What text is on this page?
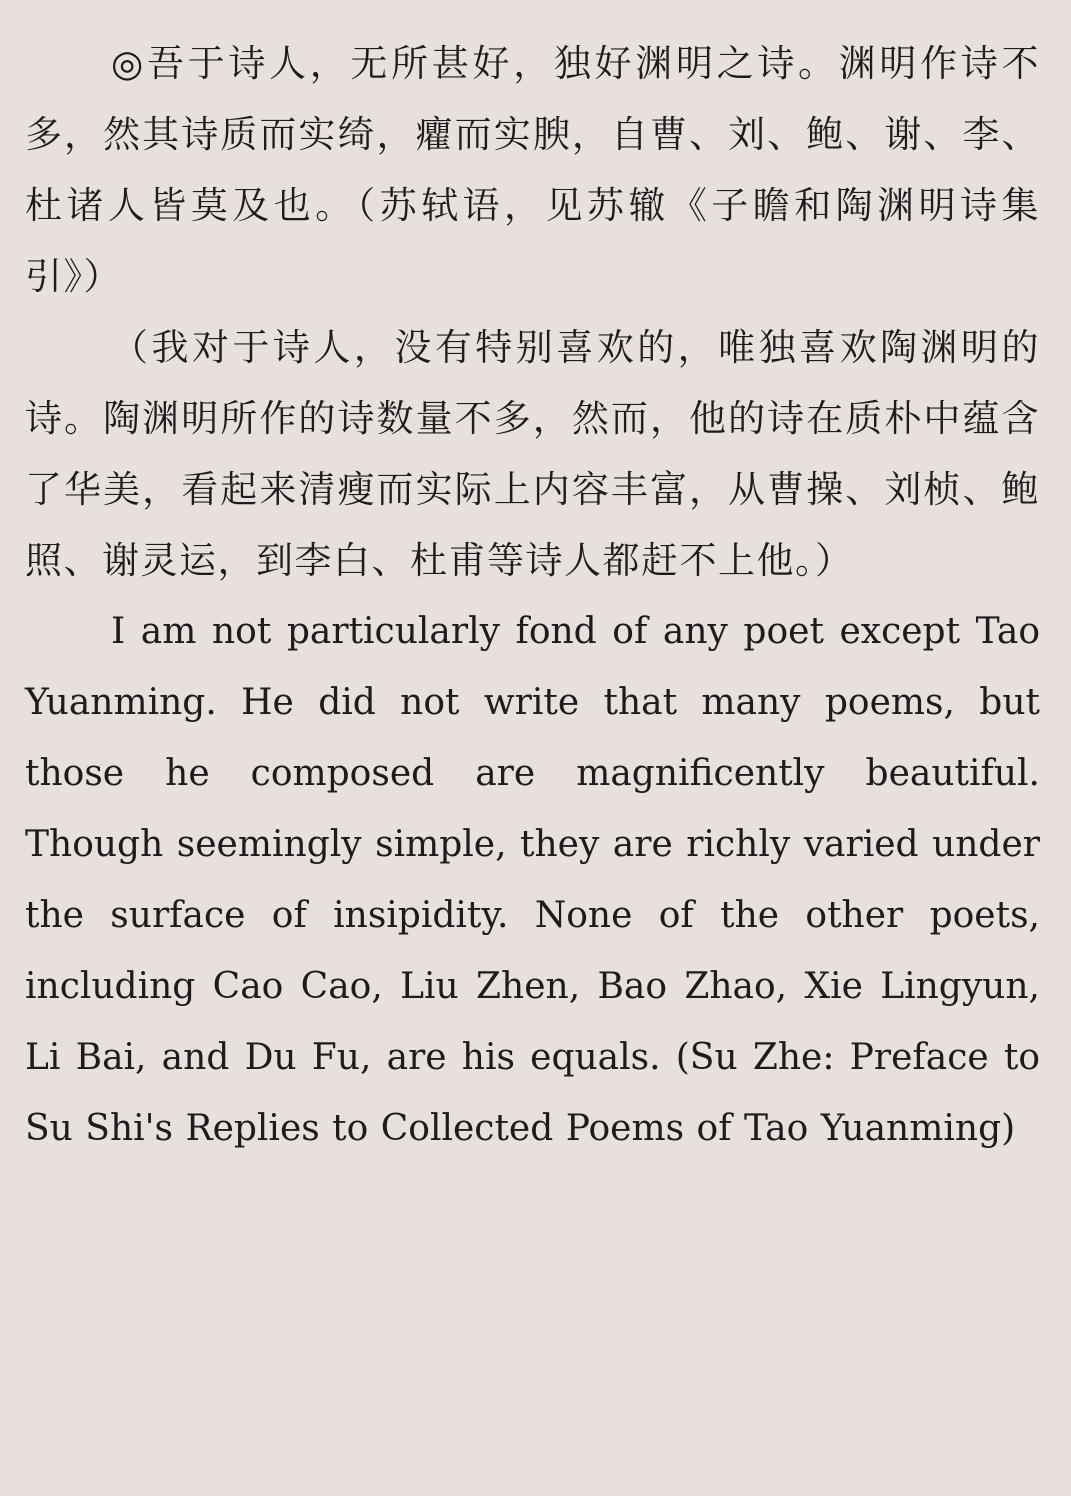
◎吾于诗人，无所甚好，独好渊明之诗。渊明作诗不多，然其诗质而实绮，癯而实腴，自曹、刘、鲍、谢、李、杜诸人皆莫及也。（苏轼语，见苏辙《子瞻和陶渊明诗集引》）

（我对于诗人，没有特别喜欢的，唯独喜欢陶渊明的诗。陶渊明所作的诗数量不多，然而，他的诗在质朴中蕴含了华美，看起来清瘦而实际上内容丰富，从曹操、刘桢、鲍照、谢灵运，到李白、杜甫等诗人都赶不上他。）

I am not particularly fond of any poet except Tao Yuanming. He did not write that many poems, but those he composed are magnificently beautiful. Though seemingly simple, they are richly varied under the surface of insipidity. None of the other poets, including Cao Cao, Liu Zhen, Bao Zhao, Xie Lingyun, Li Bai, and Du Fu, are his equals. (Su Zhe: Preface to Su Shi's Replies to Collected Poems of Tao Yuanming)
